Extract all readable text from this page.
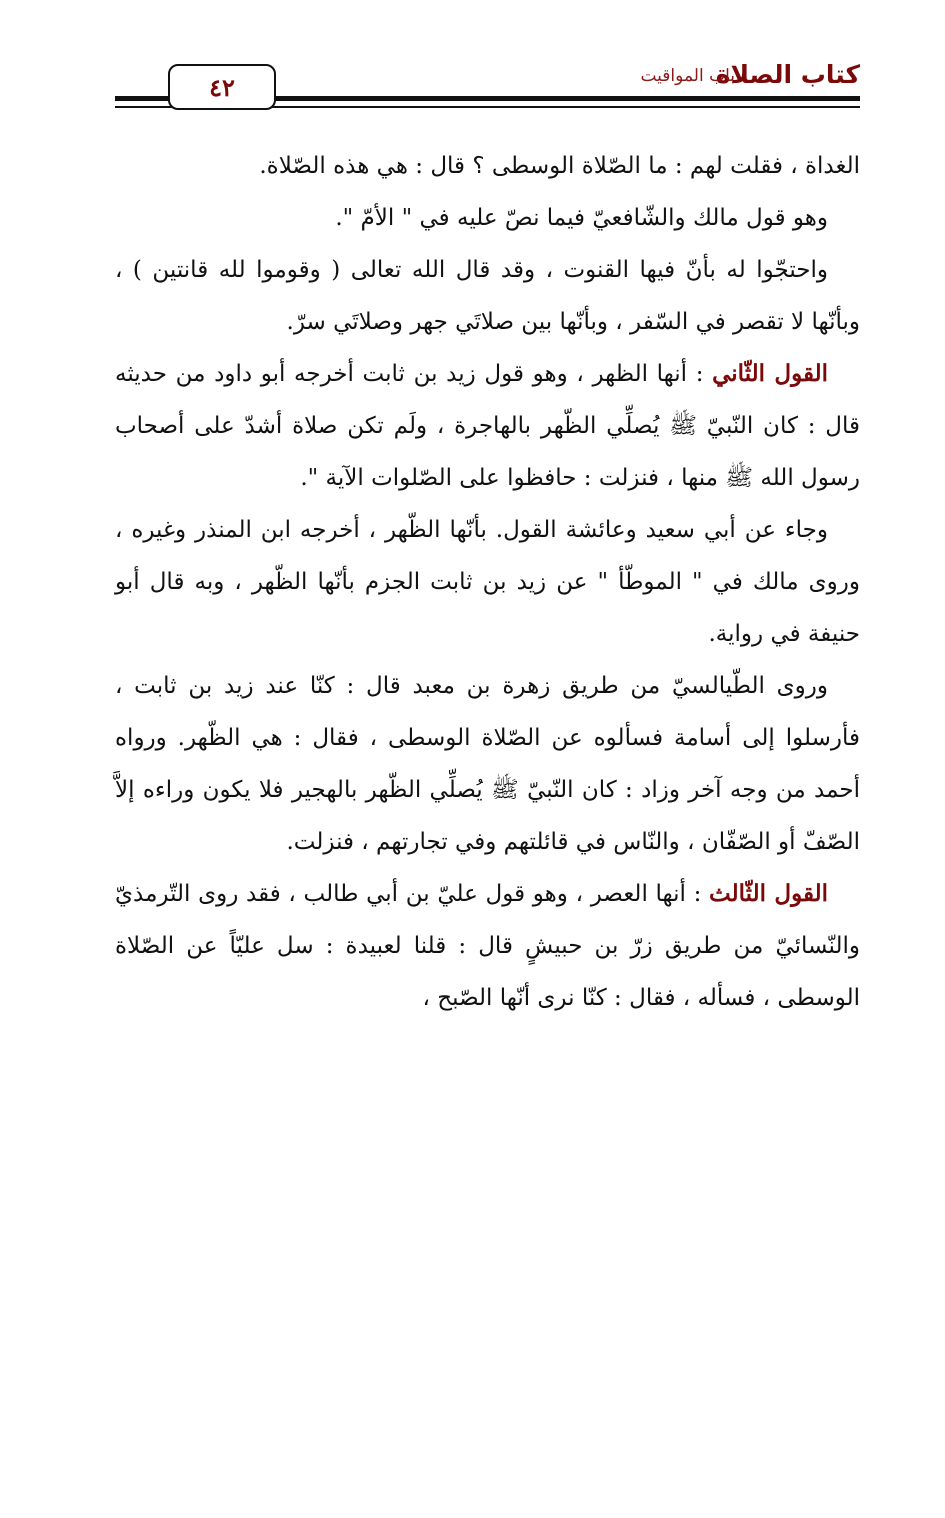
كتاب الصلاة
باب المواقيت
٤٢

الغداة ، فقلت لهم : ما الصّلاة الوسطى ؟ قال : هي هذه الصّلاة.

وهو قول مالك والشّافعيّ فيما نصّ عليه في " الأمّ ".

واحتجّوا له بأنّ فيها القنوت ، وقد قال الله تعالى ( وقوموا لله قانتين ) ، وبأنّها لا تقصر في السّفر ، وبأنّها بين صلاتَي جهر وصلاتَي سرّ.

القول الثّاني : أنها الظهر ، وهو قول زيد بن ثابت أخرجه أبو داود من حديثه قال : كان النّبيّ ﷺ يُصلِّي الظّهر بالهاجرة ، ولَم تكن صلاة أشدّ على أصحاب رسول الله ﷺ منها ، فنزلت : حافظوا على الصّلوات الآية ".

وجاء عن أبي سعيد وعائشة القول. بأنّها الظّهر ، أخرجه ابن المنذر وغيره ، وروى مالك في " الموطّأ " عن زيد بن ثابت الجزم بأنّها الظّهر ، وبه قال أبو حنيفة في رواية.

وروى الطّيالسيّ من طريق زهرة بن معبد قال : كنّا عند زيد بن ثابت ، فأرسلوا إلى أسامة فسألوه عن الصّلاة الوسطى ، فقال : هي الظّهر. ورواه أحمد من وجه آخر وزاد : كان النّبيّ ﷺ يُصلِّي الظّهر بالهجير فلا يكون وراءه إلاَّ الصّفّ أو الصّفّان ، والنّاس في قائلتهم وفي تجارتهم ، فنزلت.

القول الثّالث : أنها العصر ، وهو قول عليّ بن أبي طالب ، فقد روى التّرمذيّ والنّسائيّ من طريق زرّ بن حبيشٍ قال : قلنا لعبيدة : سل عليّاً عن الصّلاة الوسطى ، فسأله ، فقال : كنّا نرى أنّها الصّبح ،
